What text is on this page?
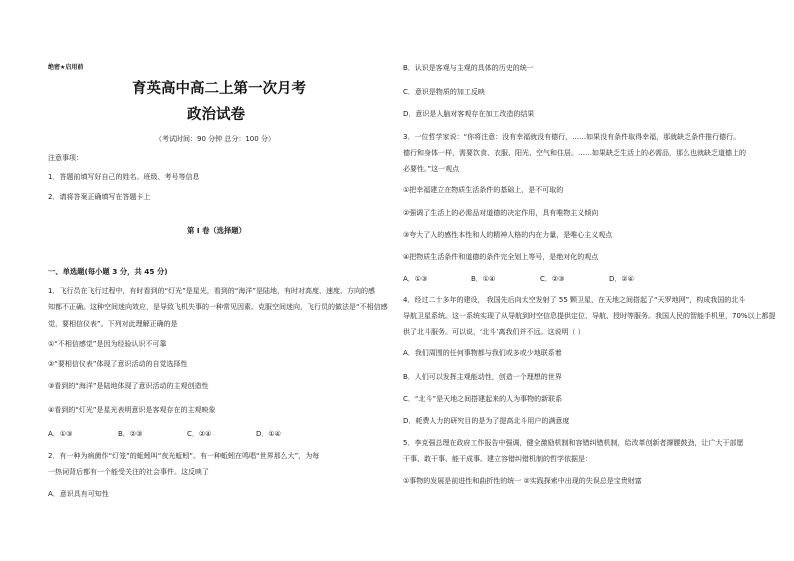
绝密★启用前
育英高中高二上第一次月考
政治试卷
（考试时间：90 分钟 总分：100 分）
注意事项：
1．答题前填写好自己的姓名、班级、考号等信息
2．请将答案正确填写在答题卡上
第 I 卷（选择题）
一、单选题(每小题 3 分，共 45 分)
1．飞行员在飞行过程中，有时看到的“灯光”是星光，看到的“海洋”是陆地，有时对高度、速度、方向的感
知都不正确。这种空间迷向效应，是导致飞机失事的一种常见因素。克服空间迷向，飞行员的做法是“不相信感
觉，要相信仪表”。下列对此理解正确的是
①“不相信感觉”是因为经验认识不可靠
②“要相信仪表”体现了意识活动的自觉选择性
③看到的“海洋”是陆地体现了意识活动的主观创造性
④看到的“灯光”是星光表明意识是客观存在的主观映象
A．①③	B．②③	C．②④	D．①④
2．有一种为病菌作“灯笼”的蚯蚓叫“夜光蚯蚓”。有一种蚯蚓在鸣唱“世界那么大”，为每
一热词背后都有一个能受关注的社会事件。这反映了
A．意识具有可知性
B．认识是客观与主观的具体的历史的统一
C．意识是物质的加工反映
D．意识是人脑对客观存在加工改造的结果
3．一位哲学家说：“你将注意：没有幸福就没有德行，……如果没有条件取得幸福，那就缺乏条件推行德行。
德行和身体一样，需要饮食、衣服、阳光、空气和住居。……如果缺乏生活上的必需品，那么也就缺乏道德上的
必要性。”这一观点
①把幸福建立在物质生活条件的基础上，是不可取的
②强调了生活上的必需品对道德的决定作用，具有唯物主义倾向
③夸大了人的感性本性和人的精神人格的内在力量，是唯心主义观点
④把物质生活条件和道德的条件完全划上等号，是绝对化的观点
A．①③	B．①④	C．②③	D．②④
4．经过二十多年的建设， 我国先后向太空发射了 55 颗卫星，在天地之间搭起了“天罗地网”，构成我国的北斗
导航卫星系统。这一系统实现了从导航到时空信息提供定位、导航、授时等服务。我国人民的智能手机里，70%以上都提
供了北斗服务。可以说，‘北斗’离我们并不远。这说明（ ）
A．我们周围的任何事物都与我们或多或少地联系着
B．人们可以发挥主观能动性，创造一个理想的世界
C．“北斗”是天地之间搭建起来的人为事物的新联系
D．耗费人力的研究目的是为了提高北斗用户的满意度
5．李克强总理在政府工作报告中强调，健全激励机制和容错纠错机制，给改革创新者撑腰鼓劲，让广大干部愿
干事、敢干事、能干成事。建立容错纠错机制的哲学依据是：
①事物的发展是前进性和曲折性的统一 ②实践探索中出现的失误总是宝贵财富
